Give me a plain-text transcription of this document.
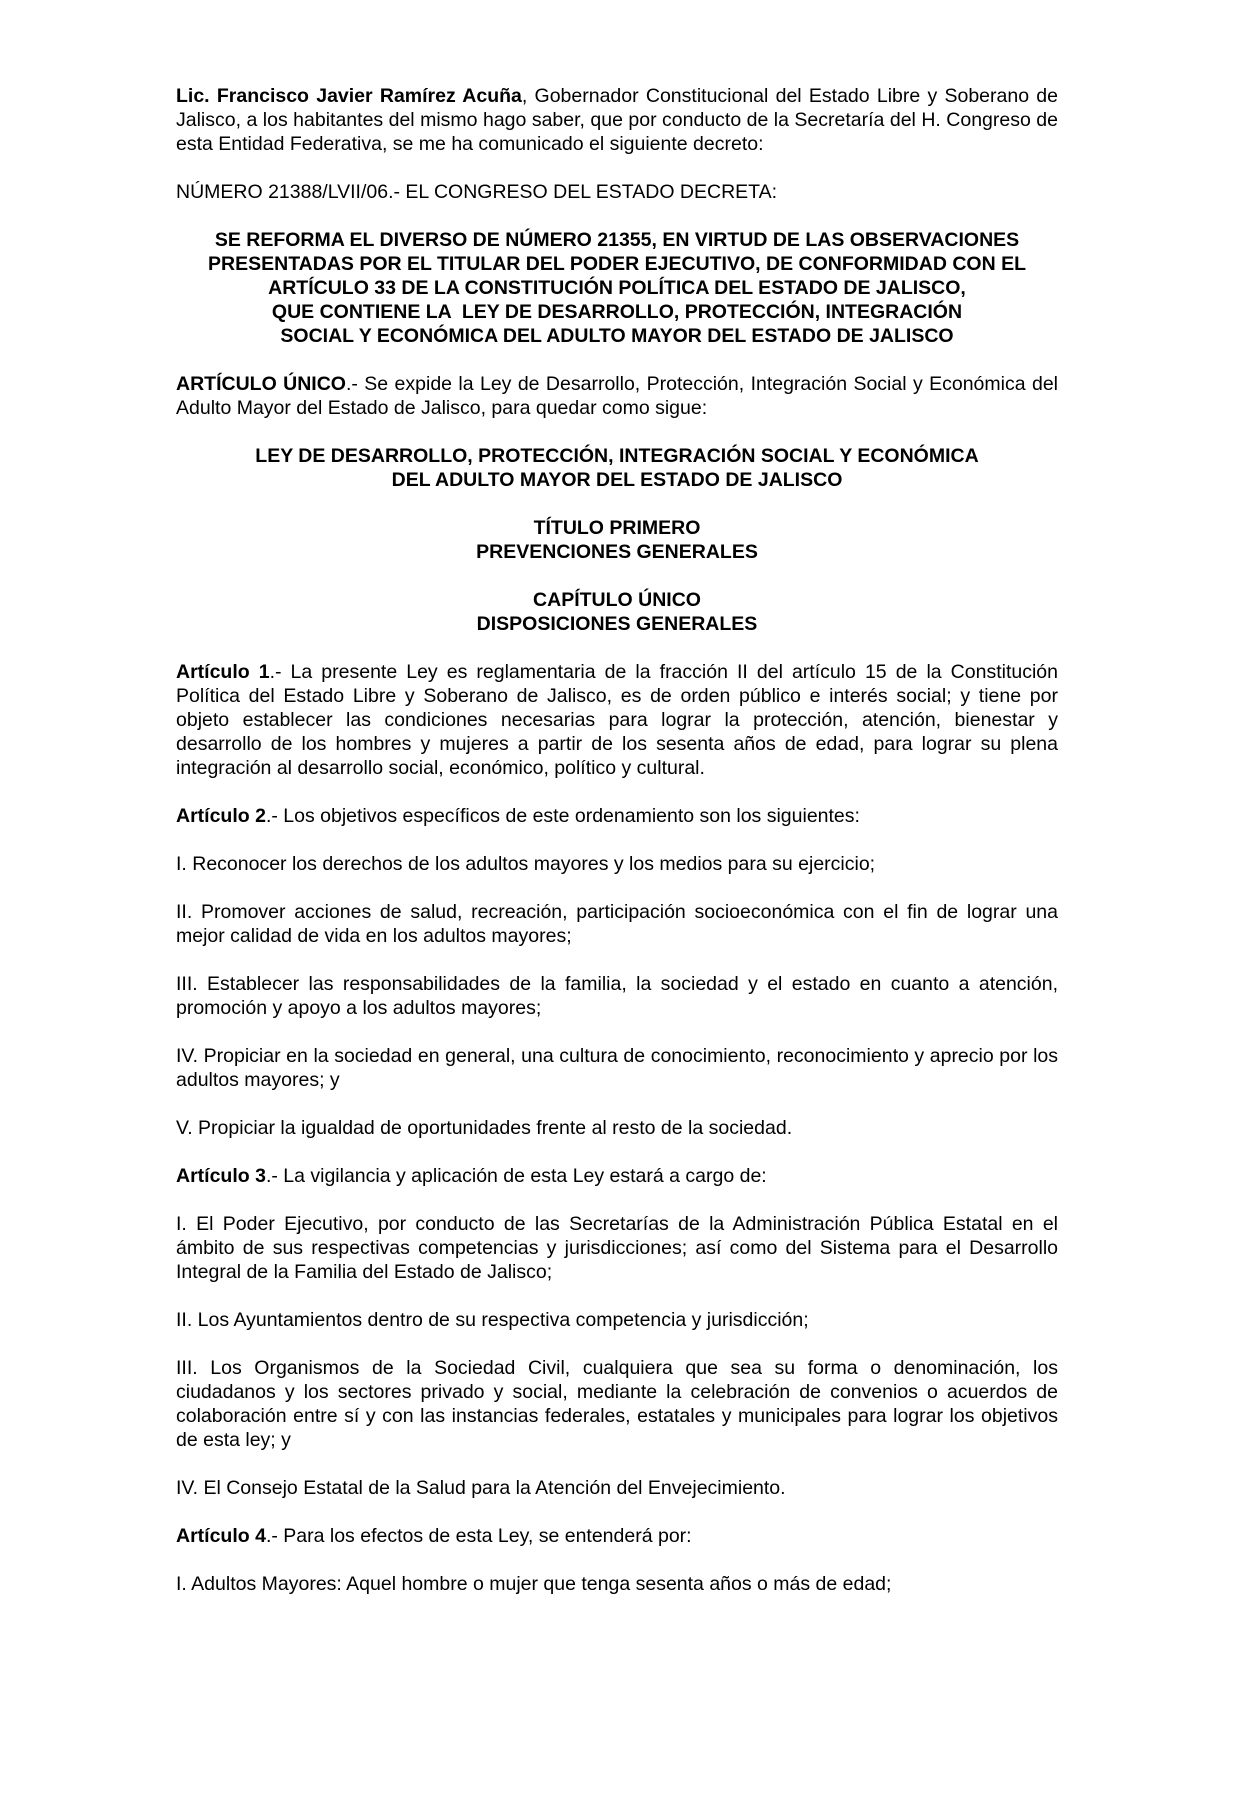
Lic. Francisco Javier Ramírez Acuña, Gobernador Constitucional del Estado Libre y Soberano de Jalisco, a los habitantes del mismo hago saber, que por conducto de la Secretaría del H. Congreso de esta Entidad Federativa, se me ha comunicado el siguiente decreto:

NÚMERO 21388/LVII/06.- EL CONGRESO DEL ESTADO DECRETA:

SE REFORMA EL DIVERSO DE NÚMERO 21355, EN VIRTUD DE LAS OBSERVACIONES
PRESENTADAS POR EL TITULAR DEL PODER EJECUTIVO, DE CONFORMIDAD CON EL
ARTÍCULO 33 DE LA CONSTITUCIÓN POLÍTICA DEL ESTADO DE JALISCO,
QUE CONTIENE LA  LEY DE DESARROLLO, PROTECCIÓN, INTEGRACIÓN
SOCIAL Y ECONÓMICA DEL ADULTO MAYOR DEL ESTADO DE JALISCO

ARTÍCULO ÚNICO.- Se expide la Ley de Desarrollo, Protección, Integración Social y Económica del Adulto Mayor del Estado de Jalisco, para quedar como sigue:

LEY DE DESARROLLO, PROTECCIÓN, INTEGRACIÓN SOCIAL Y ECONÓMICA
DEL ADULTO MAYOR DEL ESTADO DE JALISCO
TÍTULO PRIMERO
PREVENCIONES GENERALES
CAPÍTULO ÚNICO
DISPOSICIONES GENERALES

Artículo 1.- La presente Ley es reglamentaria de la fracción II del artículo 15 de la Constitución Política del Estado Libre y Soberano de Jalisco, es de orden público e interés social; y tiene por objeto establecer las condiciones necesarias para lograr la protección, atención, bienestar y desarrollo de los hombres y mujeres a partir de los sesenta años de edad, para lograr su plena integración al desarrollo social, económico, político y cultural.

Artículo 2.- Los objetivos específicos de este ordenamiento son los siguientes:

I. Reconocer los derechos de los adultos mayores y los medios para su ejercicio;

II. Promover acciones de salud, recreación, participación socioeconómica con el fin de lograr una mejor calidad de vida en los adultos mayores;

III. Establecer las responsabilidades de la familia, la sociedad y el estado en cuanto a atención, promoción y apoyo a los adultos mayores;

IV. Propiciar en la sociedad en general, una cultura de conocimiento, reconocimiento y aprecio por los adultos mayores; y

V. Propiciar la igualdad de oportunidades frente al resto de la sociedad.

Artículo 3.- La vigilancia y aplicación de esta Ley estará a cargo de:

I. El Poder Ejecutivo, por conducto de las Secretarías de la Administración Pública Estatal en el ámbito de sus respectivas competencias y jurisdicciones; así como del Sistema para el Desarrollo Integral de la Familia del Estado de Jalisco;

II. Los Ayuntamientos dentro de su respectiva competencia y jurisdicción;

III. Los Organismos de la Sociedad Civil, cualquiera que sea su forma o denominación, los ciudadanos y los sectores privado y social, mediante la celebración de convenios o acuerdos de colaboración entre sí y con las instancias federales, estatales y municipales para lograr los objetivos de esta ley; y

IV. El Consejo Estatal de la Salud para la Atención del Envejecimiento.

Artículo 4.- Para los efectos de esta Ley, se entenderá por:

I. Adultos Mayores: Aquel hombre o mujer que tenga sesenta años o más de edad;
